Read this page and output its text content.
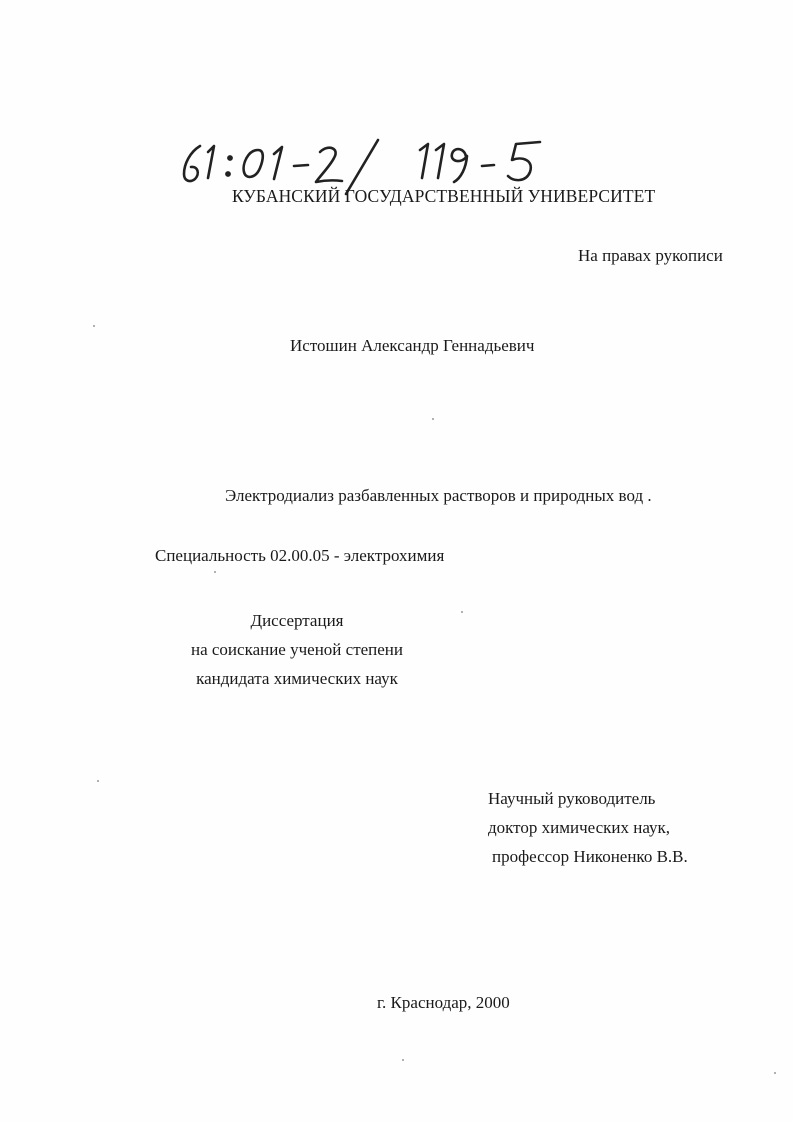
КУБАНСКИЙ ГОСУДАРСТВЕННЫЙ УНИВЕРСИТЕТ
На правах рукописи
Истошин Александр Геннадьевич
Электродиализ разбавленных растворов и природных вод .
Специальность 02.00.05 - электрохимия
Диссертация
на соискание ученой степени
кандидата химических наук
Научный руководитель
доктор химических наук,
профессор Никоненко В.В.
г. Краснодар, 2000
